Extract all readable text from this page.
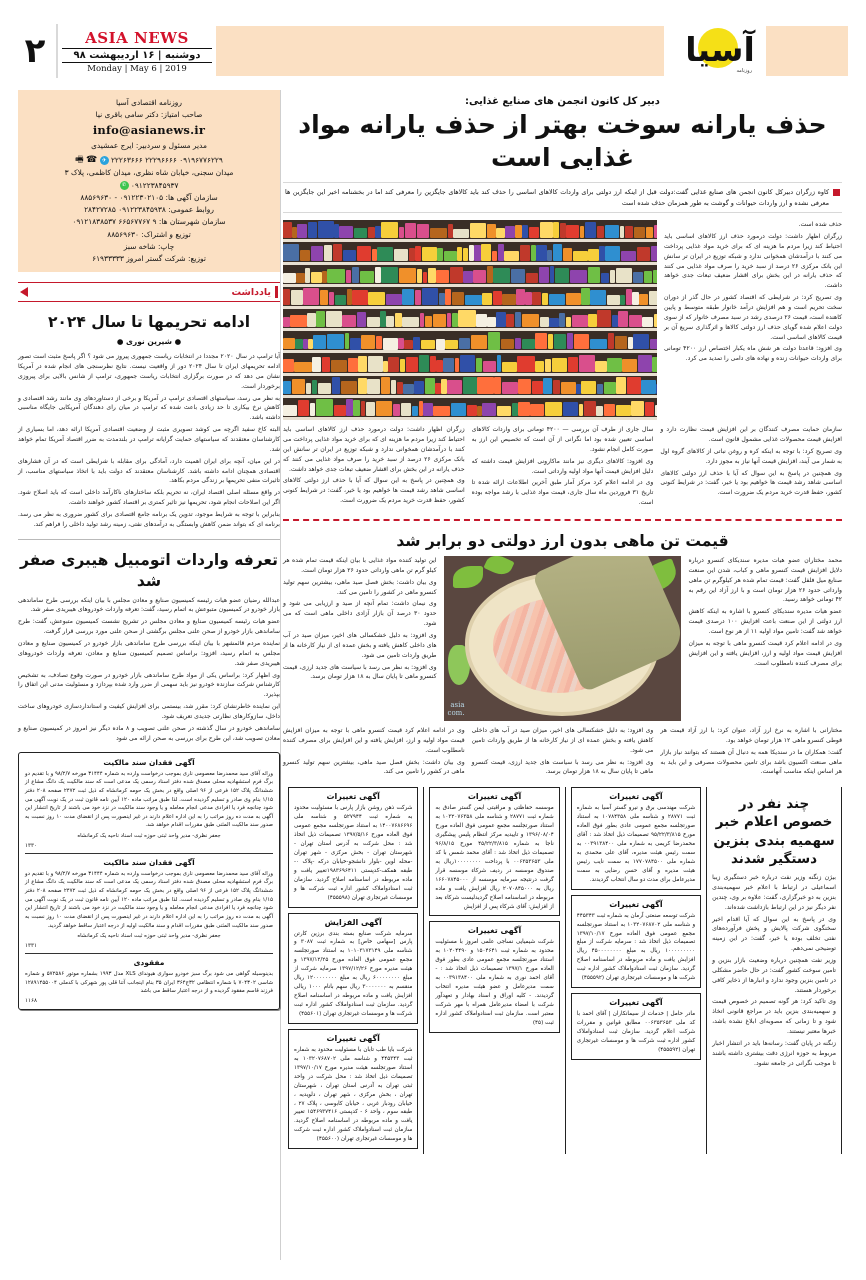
آسیا
روزنامه
ASIA NEWS
دوشنبه | ۱۶ اردیبهشت ۹۸
Monday | May 6 | 2019
۲
دبیر کل کانون انجمن های صنایع غذایی:
حذف یارانه سوخت بهتر از حذف یارانه مواد غذایی است
کاوه زرگران دبیرکل کانون انجمن های صنایع غذایی گفت:دولت قبل از اینکه ارز دولتی برای واردات کالاهای اساسی را حذف کند باید کالاهای جایگزین را معرفی کند اما در بخشنامه اخیر این جایگزین ها معرفی نشده و ارز واردات حیوانات و گوشت به طور همزمان حذف شده است

حذف شده است.

زرگران اظهار داشت: دولت درمورد حذف ارز کالاهای اساسی باید احتیاط کند زیرا مردم ما هزینه ای که برای خرید مواد غذایی پرداخت می کنند با درآمدشان همخوانی ندارد و شبکه توزیع در ایران تر سانش این بانک مرکزی ۲۶ درصد از سبد خرید را صرف مواد غذایی می کنند که حذف یارانه در این بخش برای اقشار ضعیف تبعات جدی خواهد داشت.

وی تصریح کرد: در شرایطی که اقتصاد کشور در حال گذر از دوران سخت تحریم است و هم افزایش درآمد خانوار طبقه متوسط و پایین کاهنده است، قیمت ۲۶ درصدی رشد در سبد مصرف خانوار که از سوی دولت اعلام شده گویای حذف ارز دولتی کالاها و اثرگذاری سریع آن بر قیمت کالاهای اساسی است.

وی افزود: قاعدتا دولت هر شش ماه یکبار اختصاص ارز ۴۲۰۰ تومانی برای واردات حیوانات زنده و نهاده های دامی را تمدید می کرد.

سازمان حمایت مصرف کنندگان بر این افزایش قیمت نظارت دارد و افزایش قیمت محصولات غذایی مشمول قانون است.

وی تصریح کرد: با توجه به اینکه کره و روغن نباتی از کالاهای گروه اول به شمار می آیند، افزایش قیمت آنها نیاز به مجوز دارد.

وی همچنین در پاسخ به این سوال که آیا با حذف ارز دولتی کالاهای اساسی شاهد رشد قیمت ها خواهیم بود یا خیر، گفت: در شرایط کنونی کشور، حفظ قدرت خرید مردم یک ضرورت است.

سال جاری از طرف آن بررسی — ۴۲۰۰ تومانی برای واردات کالاهای اساسی تعیین شده بود اما نگرانی از آن است که تخصیص این ارز به صورت کامل انجام نشود.

وی افزود: کالاهای دیگری نیز مانند ماکارونی افزایش قیمت داشته که دلیل افزایش قیمت آنها مواد اولیه وارداتی است.

وی در ادامه اعلام کرد مرکز آمار طبق آخرین اطلاعات ارائه شده تا تاریخ ۳۱ فروردین ماه سال جاری، قیمت مواد غذایی با رشد مواجه بوده است.

زرگران اظهار داشت: دولت درمورد حذف ارز کالاهای اساسی باید احتیاط کند زیرا مردم ما هزینه ای که برای خرید مواد غذایی پرداخت می کنند با درآمدشان همخوانی ندارد و شبکه توزیع در ایران تر سانش این بانک مرکزی ۲۶ درصد از سبد خرید را صرف مواد غذایی می کنند که حذف یارانه در این بخش برای اقشار ضعیف تبعات جدی خواهد داشت.

وی همچنین در پاسخ به این سوال که آیا با حذف ارز دولتی کالاهای اساسی شاهد رشد قیمت ها خواهیم بود یا خیر، گفت: در شرایط کنونی کشور، حفظ قدرت خرید مردم یک ضرورت است.

قیمت تن ماهی بدون ارز دولتی دو برابر شد

محمد مختاران عضو هیات مدیره سندیکای کنسرو درباره دلایل افزایش قیمت کنسرو ماهی و کباب، شدن این صنعت صنایع میل فلفل گفت: قیمت تمام شده هر کیلوگرم تن ماهی وارداتی حدود ۲۶ هزار تومان است و با ارز آزاد این رقم به ۴۲ تومانی خواهد رسید.

عضو هیات مدیره سندیکای کنسرو با اشاره به اینکه کاهش ارز دولتی از این صنعت باعث افزایش ۱۰۰ درصدی قیمت خواهد شد گفت: تامین مواد اولیه ۱۱ از هر نوع است.

وی در ادامه اعلام کرد قیمت کنسرو ماهی با توجه به میزان افزایش قیمت مواد اولیه و ارز، افزایش یافته و این افزایش برای مصرف کننده نامطلوب است.

asia
.com

این تولید کننده مواد غذایی با بیان اینکه قیمت تمام شده هر کیلو گرم تن ماهی وارداتی حدود ۲۶ هزار تومان است.

وی بیان داشت: بخش فصل صید ماهی، بیشترین سهم تولید کنسرو ماهی در کشور را تامین می کند.

وی نیمان داشت: تمام آنچه از صید و ارزیابی می شود و حدود ۳۰ درصد آن بازار آزادی داخلی ماهی است که می شود.

وی افزود: به دلیل خشکسالی های اخیر، میزان صید در آب های داخلی کاهش یافته و بخش عمده ای از نیاز کارخانه ها از طریق واردات تامین می شود.

وی افزود: به نظر می رسد با سیاست های جدید ارزی، قیمت کنسرو ماهی تا پایان سال به ۱۸ هزار تومان برسد.

مختارانی با اشاره به نرخ ارز آزاد، عنوان کرد: با ارز آزاد قیمت هر قوطی کنسرو ماهی ۱۲ هزار تومان خواهد بود.

گفت: همکاران ما در سندیکا همه به دنبال آن هستند که بتوانند نیاز بازار ماهی صنعت اکسیون باشد برای تامین محصولات مصرفی و این باید به هر اساس اینکه مناسب آنهاست.

وی افزود: به دلیل خشکسالی های اخیر، میزان صید در آب های داخلی کاهش یافته و بخش عمده ای از نیاز کارخانه ها از طریق واردات تامین می شود.

وی افزود: به نظر می رسد با سیاست های جدید ارزی، قیمت کنسرو ماهی تا پایان سال به ۱۸ هزار تومان برسد.

وی در ادامه اعلام کرد قیمت کنسرو ماهی با توجه به میزان افزایش قیمت مواد اولیه و ارز، افزایش یافته و این افزایش برای مصرف کننده نامطلوب است.

وی بیان داشت: بخش فصل صید ماهی، بیشترین سهم تولید کنسرو ماهی در کشور را تامین می کند.

چند نفر در خصوص اعلام خبر سهمیه بندی بنزین دستگیر شدند

بیژن زنگنه وزیر نفت درباره خبر دستگیری زیبا اسماعیلی در ارتباط با اعلام خبر سهمیه‌بندی بنزین به دو خبرگزاری، گفت: علاوه بر وی، چندین نفر دیگر نیز در این ارتباط بازداشت شده‌اند.

وی در پاسخ به این سوال که آیا اقدام اخیر سخنگوی شرکت پالایش و پخش فرآورده‌های نفتی تخلف بوده یا خیر، گفت: در این زمینه توضیحی نمی‌دهم.

وزیر نفت همچنین درباره وضعیت بازار بنزین و تامین سوخت کشور گفت: در حال حاضر مشکلی در تامین بنزین وجود ندارد و انبارها از ذخایر کافی برخوردار هستند.

وی تاکید کرد: هر گونه تصمیم در خصوص قیمت و سهمیه‌بندی بنزین باید در مراجع قانونی اتخاذ شود و تا زمانی که مصوبه‌ای ابلاغ نشده باشد، خبرها معتبر نیستند.

زنگنه در پایان گفت: رسانه‌ها باید در انتشار اخبار مربوط به حوزه انرژی دقت بیشتری داشته باشند تا موجب نگرانی در جامعه نشود.

آگهی تغییرات
شرکت مهندسی برق و نیرو گستر آسیا به شماره ثبت ۲۸۷۷۱ و شناسه ملی ۱۰۷۸۴۳۵۸ به استناد صورتجلسه مجمع عمومی عادی بطور فوق العاده مورخ ۹۵/۲۲/۳/۸۱۵ تصمیمات ذیل اتخاذ شد : آقای محمدرضا کریمی به شماره ملی ۰۰۳۹۱۳۸۴۰۰ به سمت رئیس هیئت مدیره، آقای علی محمدی به شماره ملی ۱۷۷۰۷۸۴۵۰۰ به سمت نایب رئیس هیئت مدیره و آقای حسن رضایی به سمت مدیرعامل برای مدت دو سال انتخاب گردیدند.
آگهی تغییرات
شرکت توسعه صنعتی آرمان به شماره ثبت ۴۴۵۳۴۳ و شناسه ملی ۱۰۳۲۰۷۶۸۷۰۲ به استناد صورتجلسه مجمع عمومی فوق العاده مورخ ۱۳۹۷/۱۰/۱۷ تصمیمات ذیل اتخاذ شد : سرمایه شرکت از مبلغ ۱۰۰۰۰۰۰۰۰۰ ریال به مبلغ ۴۵۰۰۰۰۰۰۰۰ ریال افزایش یافت و ماده مربوطه در اساسنامه اصلاح گردید. سازمان ثبت اسنادواملاک کشور اداره ثبت شرکت ها و موسسات غیرتجاری تهران (۴۵۵۵۹۲)
آگهی تغییرات
مادر حامل | خدمات از سیمانکاران | آقای احمد با کد ملی ۰۰۶۳۵۳۶۵۳ مطابق قوانین و مقررات شرکت اعلام گردید. سازمان ثبت اسنادواملاک کشور اداره ثبت شرکت ها و موسسات غیرتجاری تهران (۴۵۵۵۹۲)
آگهی تغییرات
موسسه حفاظتی و مراقبتی ایمن گستر صادق به شماره ثبت ۲۸۷۷۱ و شناسه ملی ۱۰۳۲۰۷۶۳۵۸ به استناد صورتجلسه مجمع عمومی فوق العاده مورخ ۱۳۹۶/۰۸/۰۴ و تاییدیه مرکز انتظام پلیس پیشگیری ناجا به شماره ۴۵/۲۲/۳/۸۱۵ مورخ ۹۶/۸/۱۵ تصمیمات ذیل اتخاذ شد : آقای محمد شمس با کد ملی ۰۰۶۳۵۳۶۵۳ با پرداخت ۱۰۰۰۰۰۰۰۰ریال به صندوق موسسه در ردیف شرکاء موسسه قرار گرفت درنتیجه سرمایه موسسه از ۱۶۶۰۷۸۴۵۰۰۰ ریال به ۲۰۷۰۸۴۵۰۰۰ ریال افزایش یافت و ماده مربوطه در اساسنامه اصلاح گردیدلیست شرکاء بعد از افزایش: آقای شرکاء پس از افزایش
آگهی تغییرات
شرکت شیمیایی نساجی علمی امروز با مسئولیت محدود به شماره ثبت ۱۵۰۴۶۴۱ و ۱۰۲۰۴۴۹۰ به استناد صورتجلسه مجمع عمومی عادی بطور فوق العاده مورخ ۱۳۹۷/۱ تصمیمات ذیل اتخاذ شد : - آقای احمد نوری به شماره ملی ۰۰۳۹۱۳۸۴۰۰ به سمت مدیرعامل و عضو هیئت مدیره انتخاب گردیدند. - کلیه اوراق و اسناد بهادار و تعهدآور شرکت با امضاء مدیرعامل همراه با مهر شرکت معتبر است. سازمان ثبت اسنادواملاک کشور اداره ثبت (۴۵)
آگهی تغییرات
شرکت ذهن روشن بازار پارس با مسئولیت محدود به شماره ثبت ۵۲۷۹۴۴ و شناسه ملی ۱۴۰۰۷۶۸۶۶۹۶ به استناد صورتجلسه مجمع عمومی فوق العاده مورخ ۱۳۹۷/۵/۱۶ تصمیمات ذیل اتخاذ شد : محل شرکت به آدرس استان تهران - شهرستان تهران - بخش مرکزی - شهر تهران -محله لوین -بلوار دانشجو-خیابان درکه -پلاک ۰-طبقه همکف-کدپستی ۱۹۸۳۶۹۶۴۱۱تغییر یافت و ماده مربوطه در اساسنامه اصلاح گردید. سازمان ثبت اسنادواملاک کشور اداره ثبت شرکت ها و موسسات غیرتجاری تهران (۴۵۵۵۹۸)
آگهی الفزایش
سرمایه شرکت صنایع بسته بندی برزین کارتن پارس [سهامی خاص] به شماره ثبت ۳۰۸۷ و شناسه ملی ۱۰۱۰۳۱۷۳۱۴۹ به استناد صورتجلسه مجمع عمومی فوق العاده مورخ ۱۳۹۷/۱۲/۲۵ و هیئت مدیره مورخ ۱۳۹۷/۱۲/۲۶ سرمایه شرکت از مبلغ ۶۰۰۰۰۰۰۰۰ ریال به مبلغ ۱۲۰۰۰۰۰۰۰۰ ریال منقسم به ۳۰۰۰۰۰۰۰ ریال سهم بانام ۱۰۰۰ ریالی افزایش یافت و ماده مربوطه در اساسنامه اصلاح گردید. سازمان ثبت اسنادواملاک کشور اداره ثبت شرکت ها و موسسات غیرتجاری تهران (۴۵۵۶۰۱)
آگهی تغییرات
شرکت بایا طب تابان با مسئولیت محدود به شماره ثبت ۴۴۵۳۴۳ و شناسه ملی ۱۰۳۲۰۷۶۸۷۰۲ به استناد صورتجلسه هیئت مدیره مورخ ۱۳۹۷/۱۰/۱۷ تصمیمات ذیل اتخاذ شد : محل شرکت در واحد ثبتی تهران به آدرس استان تهران ، شهرستان تهران ، بخش مرکزی ، شهر تهران ، دلویدیه ، خیابان رودبار غربی ، خیابان کابوسی ، پلاک ۲۷ ، طبقه سوم ، واحد ۶ - کدپستی ۱۵۴۶۹۳۷۴۱۶ تغییر یافت و ماده مربوطه در اساسنامه اصلاح گردید. سازمان ثبت اسنادواملاک کشور اداره ثبت شرکت ها و موسسات غیرتجاری تهران (۴۵۵۶۰۰)
روزنامه اقتصادی آسیا
صاحب امتیاز: دکتر سامی باقری نیا
info@asianews.ir
مدیر مسئول و سردبیر: ایرج عمشیدی
۰۹۱۹۶۷۷۶۲۲۹ ۲۲۲۹۶۶۶۶ ۲۲۲۶۳۶۶۶ ✈ ☎ 🖷
میدان سجنی، خیابان شاه نظری، میدان کاظمی، پلاک ۳
۰۹۱۲۲۳۸۴۵۹۳۷ ✆
سازمان آگهی ها: ۰۹۱۲۲۳۰۲۱۰۵ - ۸۸۵۶۹۶۳۰
روابط عمومی: ۰۹۱۲۲۳۸۴۵۹۳۸ ۲۸۴۲۷۲۸۵
سازمان شهرستان ها: ۹ ۶۶۵۶۷۷۶۷ ۰۹۱۲۱۸۳۸۵۳۷
توزیع و اشتراک: ۸۸۵۶۹۶۳۰
چاپ: شاخه سبز
توزیع: شرکت گستر امروز ۶۱۹۳۳۳۳۳
یادداشت
ادامه تحریمها تا سال ۲۰۲۴
● شیرین نوری ●

آیا ترامپ در سال ۲۰۲۰ مجددا در انتخابات ریاست جمهوری پیروز می شود ؟ اگر پاسخ مثبت است تصور ادامه تحریمهای ایران تا سال ۲۰۲۴ دور از واقعیت نیست. نتایج نظرسنجی های انجام شده در آمریکا نشان می دهد که در صورت برگزاری انتخابات ریاست جمهوری، ترامپ از شانس بالایی برای پیروزی برخوردار است.

به نظر می رسد، سیاستهای اقتصادی ترامپ در آمریکا و برخی از دستاوردهای وی مانند رشد اقتصادی و کاهش نرخ بیکاری تا حد زیادی باعث شده که ترامپ در میان رای دهندگان آمریکایی جایگاه مناسبی داشته باشد.

البته کاخ سفید اگرچه می کوشد تصویری مثبت از وضعیت اقتصادی آمریکا ارائه دهد، اما بسیاری از کارشناسان معتقدند که سیاستهای حمایت گرایانه ترامپ در بلندمدت به ضرر اقتصاد آمریکا تمام خواهد شد.

در این میان، آنچه برای ایران اهمیت دارد، آمادگی برای مقابله با شرایطی است که در آن فشارهای اقتصادی همچنان ادامه داشته باشد. کارشناسان معتقدند که دولت باید با اتخاذ سیاستهای مناسب، از تاثیرات منفی تحریمها بر زندگی مردم بکاهد.

در واقع مسئله اصلی اقتصاد ایران، نه تحریم بلکه ساختارهای ناکارآمد داخلی است که باید اصلاح شود. اگر این اصلاحات انجام شود، تحریمها نیز تاثیر کمتری بر اقتصاد کشور خواهند داشت.

بنابراین با توجه به شرایط موجود، تدوین یک برنامه جامع اقتصادی برای کشور ضروری به نظر می رسد. برنامه ای که بتواند ضمن کاهش وابستگی به درآمدهای نفتی، زمینه رشد تولید داخلی را فراهم کند.

تعرفه واردات اتومبیل هیبری صفر شد

عبدالله رضیان عضو هیات رئیسه کمیسیون صنایع و معادن مجلس با بیان اینکه بررسی طرح ساماندهی بازار خودرو در کمیسیون متبوعش به اتمام رسید، گفت: تعرفه واردات خودروهای هیبریدی صفر شد.

عضو هیات رئیسه کمیسیون صنایع و معادن مجلس در تشریح نشست کمیسیون متبوعش، گفت: طرح ساماندهی بازار خودرو از صحن علنی مجلس برگشتی از صحن علنی مورد بررسی قرار گرفت.

نماینده مردم قائمشهر با بیان اینکه بررسی طرح ساماندهی بازار خودرو در کمیسیون صنایع و معادن مجلس به اتمام رسید، افزود: براساس تصمیم کمیسیون صنایع و معادن، تعرفه واردات خودروهای هیبریدی صفر شد.

وی اظهار کرد: براساس یکی از مواد طرح ساماندهی بازار خودرو در صورت وقوع تصادف، به تشخیص کارشناس شرکت سازنده خودرو نیز باید سهمی از ضرر وارد شده بپردازد و مسئولیت مدنی این اتفاق را بپذیرد.

این نماینده خاطرنشان کرد: مقرر شد، بیستمی برای افزایش کیفیت و استانداردسازی خودروهای ساخت داخل، سازوکارهای نظارتی جدیدی تعریف شود.

ساماندهی خودرو در سال گذشته در صحن علنی تصویب و ۸ ماده دیگر نیز امروز در کمیسیون صنایع و معادن تصویب شد، این طرح برای بررسی به صحن ارائه می شود

آگهی فقدان سند مالکیت
وراثه آقای سید محمدرضا معصومی ناری بموجب درخواست وارده به شماره ۳۱۴۴۴ مورخه ۹۸/۲/۷ و با تقدیم دو برگ فرم استشهادیه محلی مصدق شده دفتر اسناد رسمی یک مدعی است که سند مالکیت یک دانگ مشاع از ششدانگ پلاک ۱۵۲ فرعی از ۹۶ اصلی واقع در بخش یک حومه کرمانشاه که ذیل ثبت ۲۴۷۲ صفحه ۲۰۸ دفتر ۱/۱۵ بنام وی صادر و تسلیم گردیده است. لذا طبق مراتب ماده ۱۲۰ آیین نامه قانون ثبت در یک نوبت آگهی می شود چنانچه فرد یا افرادی مدعی انجام معامله و یا وجود سند مالکیت در نزد خود می باشند از تاریخ انتشار این آگهی به مدت ده روز مراتب را به این اداره اعلام دارند در غیر اینصورت پس از انقضای مدت ۱۰ روز نسبت به صدور سند مالکیت المثنی طبق مقررات اقدام خواهد شد.
جعفر نظری- مدیر واحد ثبتی حوزه ثبت اسناد ناحیه یک کرمانشاه
۱۳۳۰
آگهی فقدان سند مالکیت
وراثه آقای سید محمدرضا معصومی ناری بموجب درخواست وارده به شماره ۳۱۴۴۴ مورخه ۹۸/۲/۷ و با تقدیم دو برگ فرم استشهادیه محلی مصدق شده دفتر اسناد رسمی یک مدعی است که سند مالکیت یک دانگ مشاع از ششدانگ پلاک ۱۵۲ فرعی از ۹۶ اصلی واقع در بخش یک حومه کرمانشاه که ذیل ثبت ۲۴۷۲ صفحه ۲۰۸ دفتر ۱/۱۵ بنام وی صادر و تسلیم گردیده است. لذا طبق مراتب ماده ۱۲۰ آیین نامه قانون ثبت در یک نوبت آگهی می شود چنانچه فرد یا افرادی مدعی انجام معامله و یا وجود سند مالکیت در نزد خود می باشند از تاریخ انتشار این آگهی به مدت ده روز مراتب را به این اداره اعلام دارند در غیر اینصورت پس از انقضای مدت ۱۰ روز نسبت به صدور سند مالکیت المثنی طبق مقررات اقدام و سند مالکیت اولیه از درجه اعتبار ساقط خواهد گردید.
جعفر نظری- مدیر واحد ثبتی حوزه ثبت اسناد ناحیه یک کرمانشاه
۱۳۳۱
مفقودی
بدینوسیله گواهی می شود برگ سبز خودرو سواری هیوندای XLS مدل ۱۹۹۳ بشماره موتور ۵۷۲۵۸۶ و شماره شاسی ۷۰۴۳۰۲ با شماره انتظامی ۳۲ج۳۶۴ ایران ۳۵ بنام اینجانب آتنا قلی پور شهرکی با کدملی ۱۲۸۹۱۴۵۵۰۰۴ فرزند قاسم مفقود گردیده و از درجه اعتبار ساقط می باشد
۱۱۶۸
